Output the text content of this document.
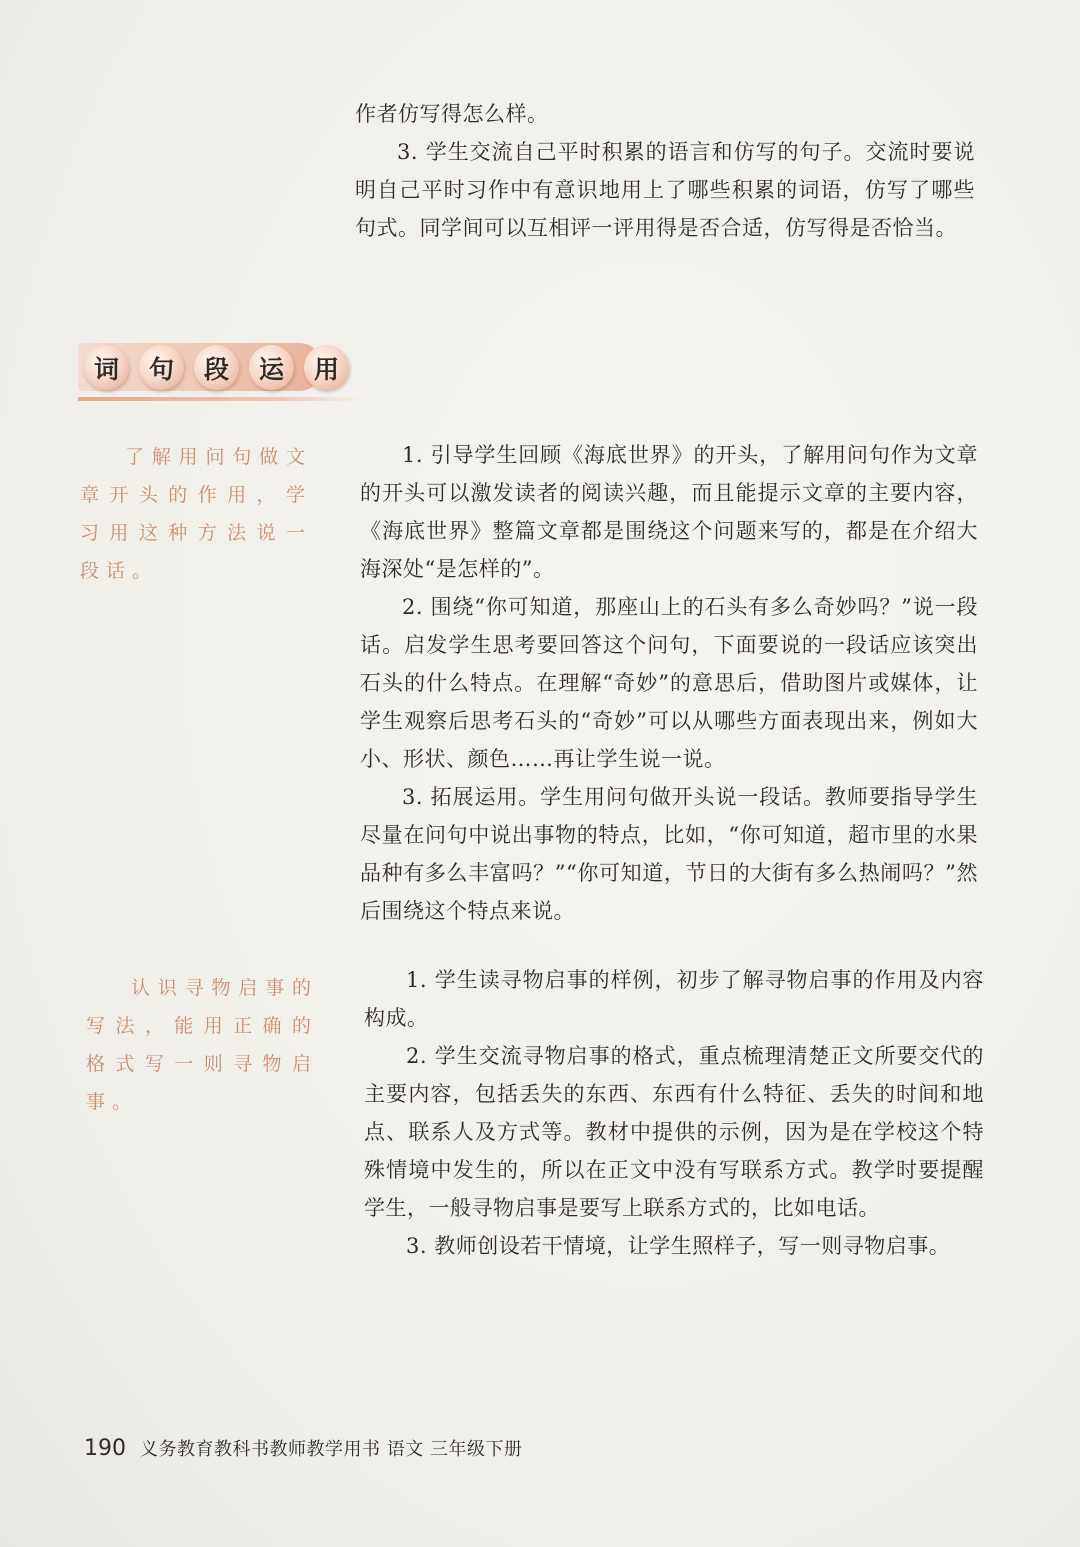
作者仿写得怎么样。

3. 学生交流自己平时积累的语言和仿写的句子。交流时要说明自己平时习作中有意识地用上了哪些积累的词语，仿写了哪些句式。同学间可以互相评一评用得是否合适，仿写得是否恰当。

词	句	段	运	用

了解用问句做文章开头的作用，学习用这种方法说一段话。

1. 引导学生回顾《海底世界》的开头，了解用问句作为文章的开头可以激发读者的阅读兴趣，而且能提示文章的主要内容，《海底世界》整篇文章都是围绕这个问题来写的，都是在介绍大海深处“是怎样的”。

2. 围绕“你可知道，那座山上的石头有多么奇妙吗？”说一段话。启发学生思考要回答这个问句，下面要说的一段话应该突出石头的什么特点。在理解“奇妙”的意思后，借助图片或媒体，让学生观察后思考石头的“奇妙”可以从哪些方面表现出来，例如大小、形状、颜色……再让学生说一说。

3. 拓展运用。学生用问句做开头说一段话。教师要指导学生尽量在问句中说出事物的特点，比如，“你可知道，超市里的水果品种有多么丰富吗？”“你可知道，节日的大街有多么热闹吗？”然后围绕这个特点来说。

认识寻物启事的写法，能用正确的格式写一则寻物启事。

1. 学生读寻物启事的样例，初步了解寻物启事的作用及内容构成。

2. 学生交流寻物启事的格式，重点梳理清楚正文所要交代的主要内容，包括丢失的东西、东西有什么特征、丢失的时间和地点、联系人及方式等。教材中提供的示例，因为是在学校这个特殊情境中发生的，所以在正文中没有写联系方式。教学时要提醒学生，一般寻物启事是要写上联系方式的，比如电话。

3. 教师创设若干情境，让学生照样子，写一则寻物启事。

190 义务教育教科书教师教学用书 语文 三年级下册
